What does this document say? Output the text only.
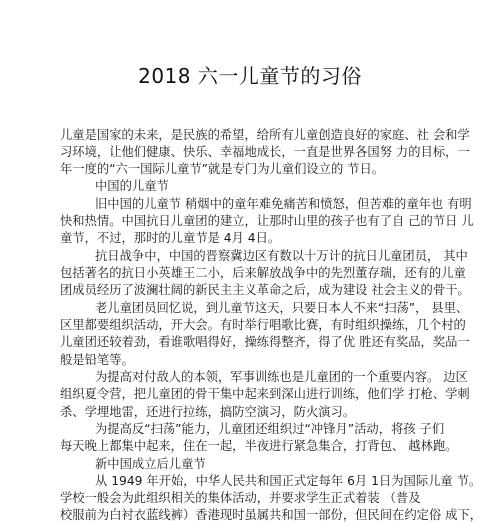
2018 六一儿童节的习俗
儿童是国家的未来，是民族的希望，给所有儿童创造良好的家庭、社 会和学
习环境，让他们健康、快乐、幸福地成长，一直是世界各国努 力的目标，一
年一度的“六一国际儿童节”就是专门为儿童们设立的 节日。
中国的儿童节
旧中国的儿童节 稍烟中的童年难免痛苦和愤怒，但苦难的童年也 有明
快和热情。中国抗日儿童团的建立，让那时山里的孩子也有了自 己的节日 儿
童节，不过，那时的儿童节是 4月 4日。
抗日战争中，中国的晋察冀边区有数以十万计的抗日儿童团员， 其中
包括著名的抗日小英雄王二小，后来解放战争中的先烈董存瑞，还有的儿童
团成员经历了波澜壮阔的新民主主义革命之后，成为建设 社会主义的骨干。
老儿童团员回忆说，到儿童节这天，只要日本人不来“扫荡”， 县里、
区里都要组织活动，开大会。有时举行唱歌比赛，有时组织操练，几个村的
儿童团还较着劲，看谁歌唱得好，操练得整齐，得了优 胜还有奖品，奖品一
般是铅笔等。
为提高对付敌人的本领，军事训练也是儿童团的一个重要内容。 边区
组织夏令营，把儿童团的骨干集中起来到深山进行训练，他们学 打枪、学刺
杀、学埋地雷，还进行拉练，搞防空演习，防火演习。
为提高反“扫荡”能力，儿童团还组织过“冲锋月”活动，将孩 子们
每天晚上都集中起来，住在一起，半夜进行紧急集合，打背包、 越林跑。
新中国成立后儿童节
从 1949 年开始，中华人民共和国正式定每年 6月 1日为国际儿童 节。
学校一般会为此组织相关的集体活动，并要求学生正式着装 （普及
校服前为白衬衣蓝线裤）香港现时虽属共和国一部份，但民间在约定俗 成下，
